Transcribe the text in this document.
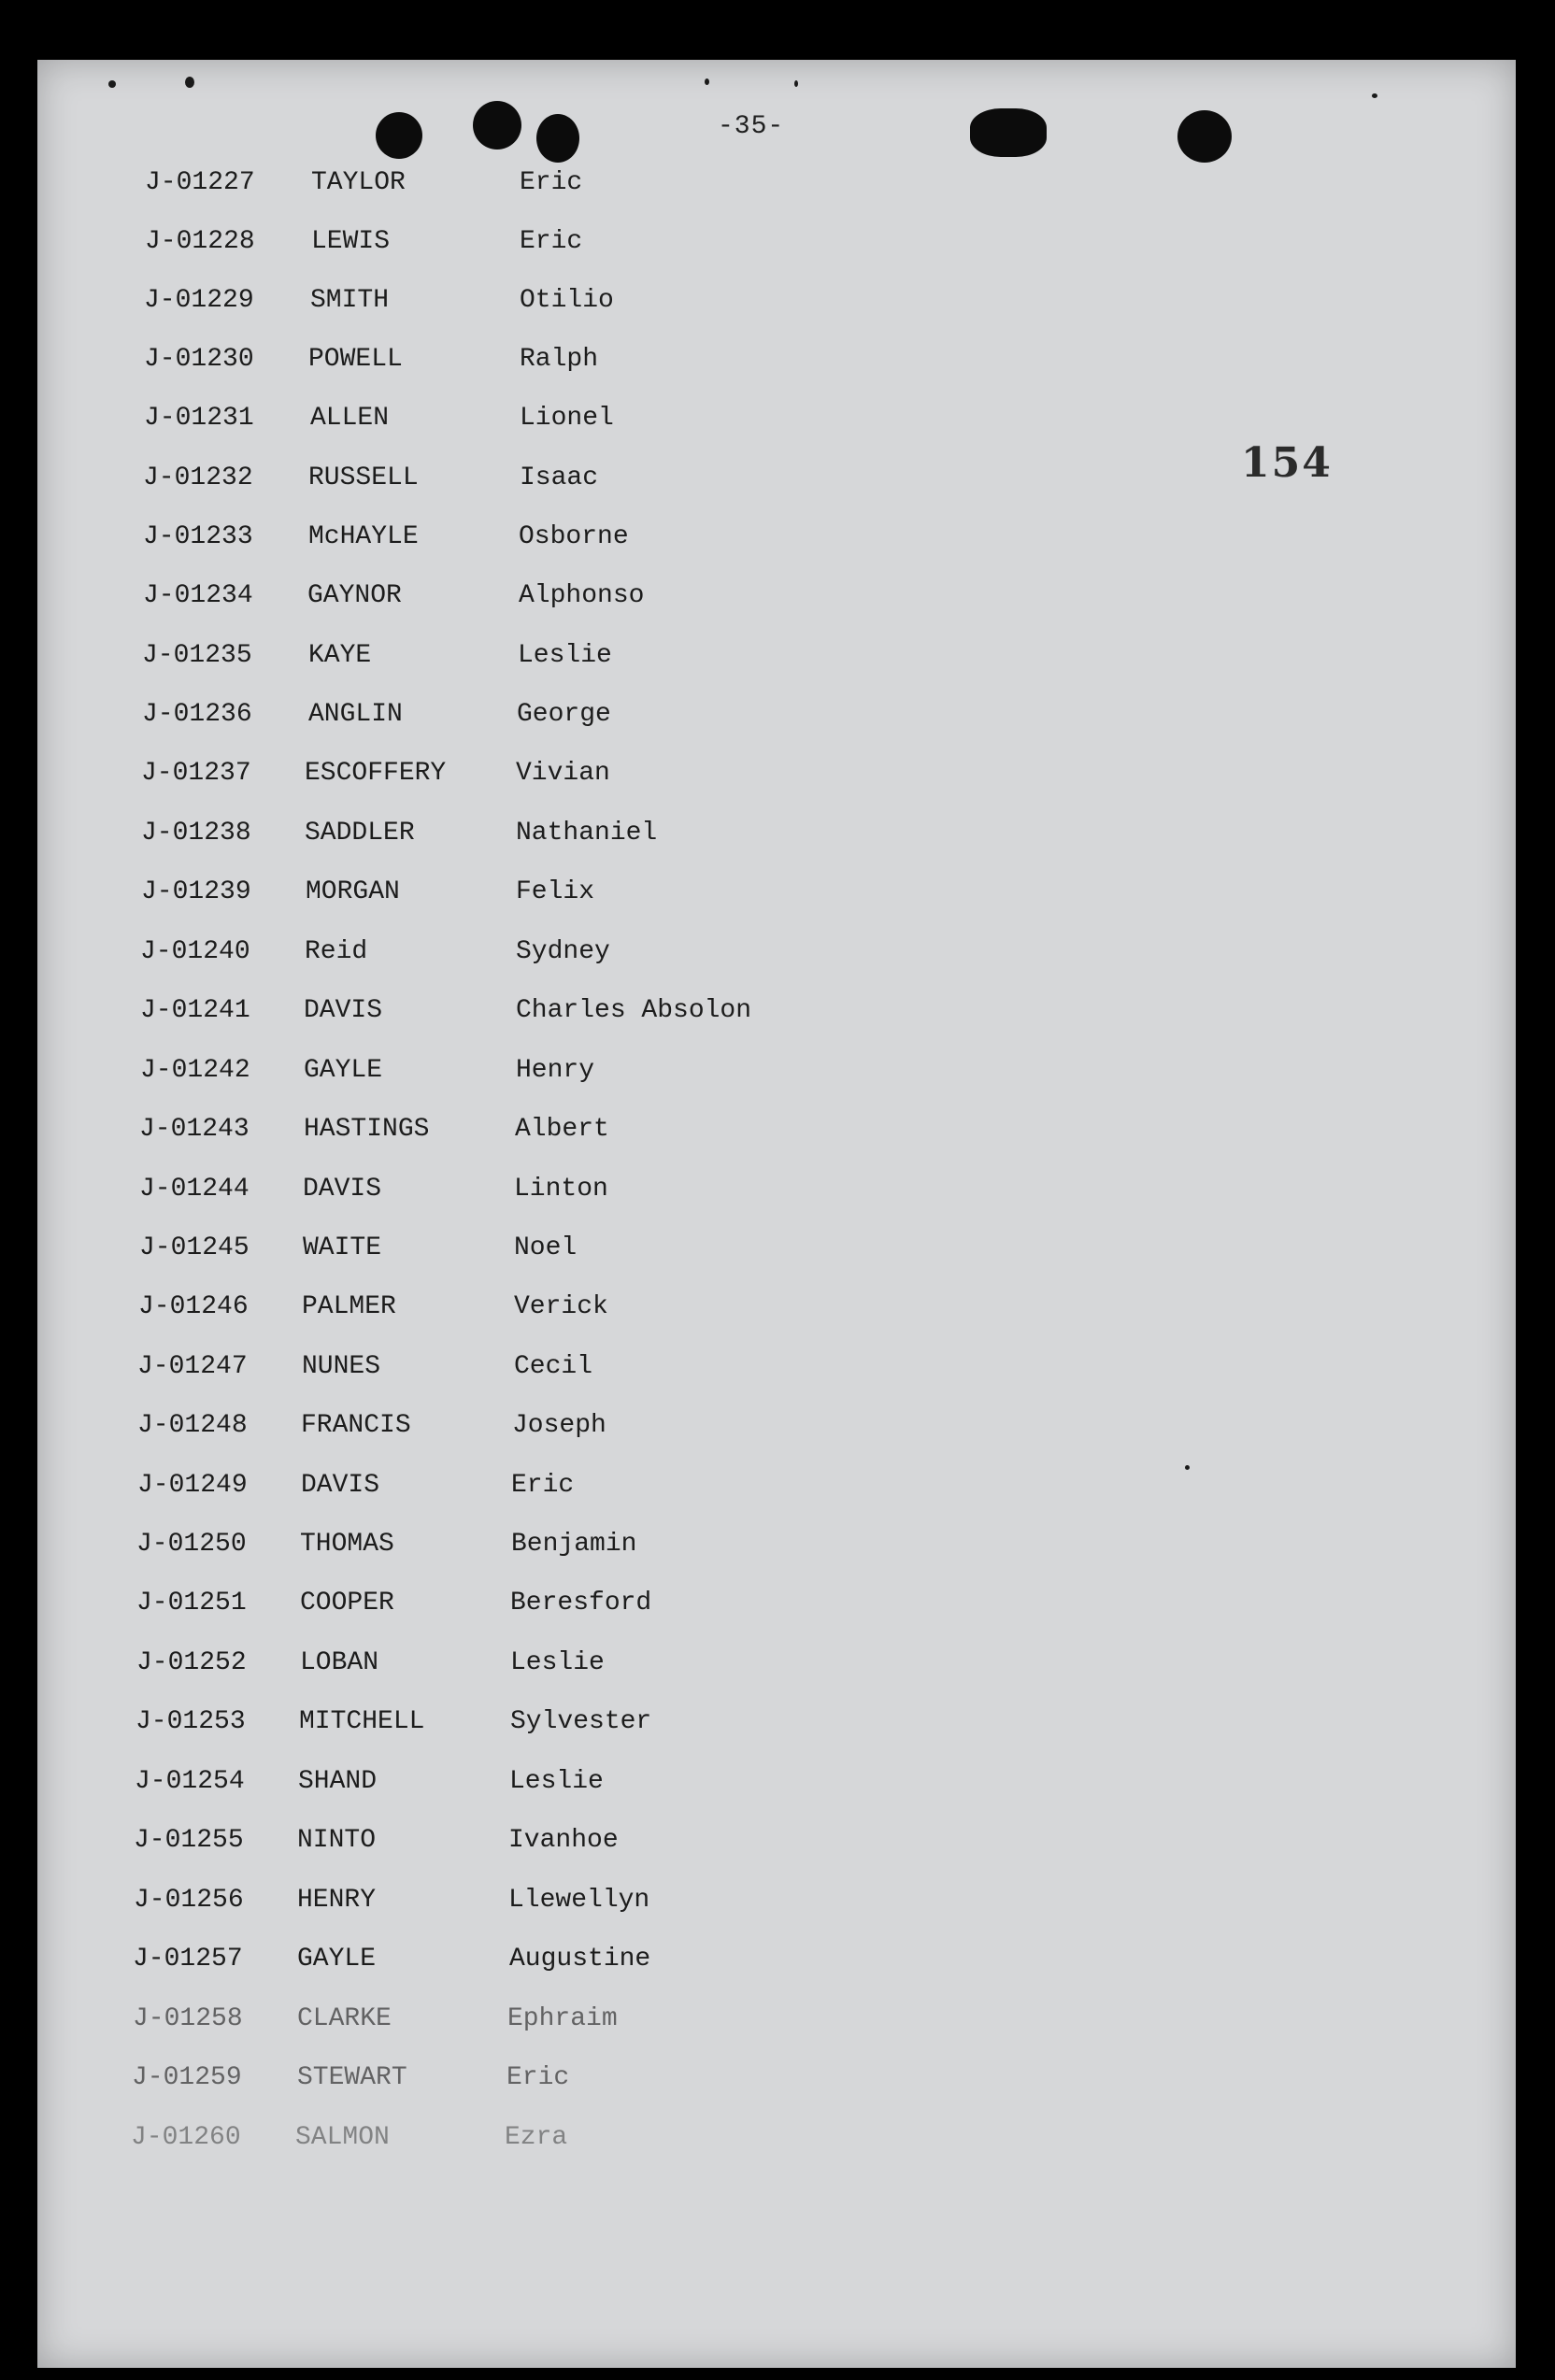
-35-
154
J-01227 TAYLOR	Eric
J-01228 LEWIS	Eric
J-01229 SMITH	Otilio
J-01230 POWELL	Ralph
J-01231 ALLEN	Lionel
J-01232 RUSSELL	Isaac
J-01233 McHAYLE	Osborne
J-01234 GAYNOR	Alphonso
J-01235 KAYE	Leslie
J-01236 ANGLIN	George
J-01237 ESCOFFERY	Vivian
J-01238 SADDLER	Nathaniel
J-01239 MORGAN	Felix
J-01240 Reid	Sydney
J-01241 DAVIS	Charles Absolon
J-01242 GAYLE	Henry
J-01243 HASTINGS	Albert
J-01244 DAVIS	Linton
J-01245 WAITE	Noel
J-01246 PALMER	Verick
J-01247 NUNES	Cecil
J-01248 FRANCIS	Joseph
J-01249 DAVIS	Eric
J-01250 THOMAS	Benjamin
J-01251 COOPER	Beresford
J-01252 LOBAN	Leslie
J-01253 MITCHELL	Sylvester
J-01254 SHAND	Leslie
J-01255 NINTO	Ivanhoe
J-01256 HENRY	Llewellyn
J-01257 GAYLE	Augustine
J-01258 CLARKE	Ephraim
J-01259 STEWART	Eric
J-01260 SALMON	Ezra
